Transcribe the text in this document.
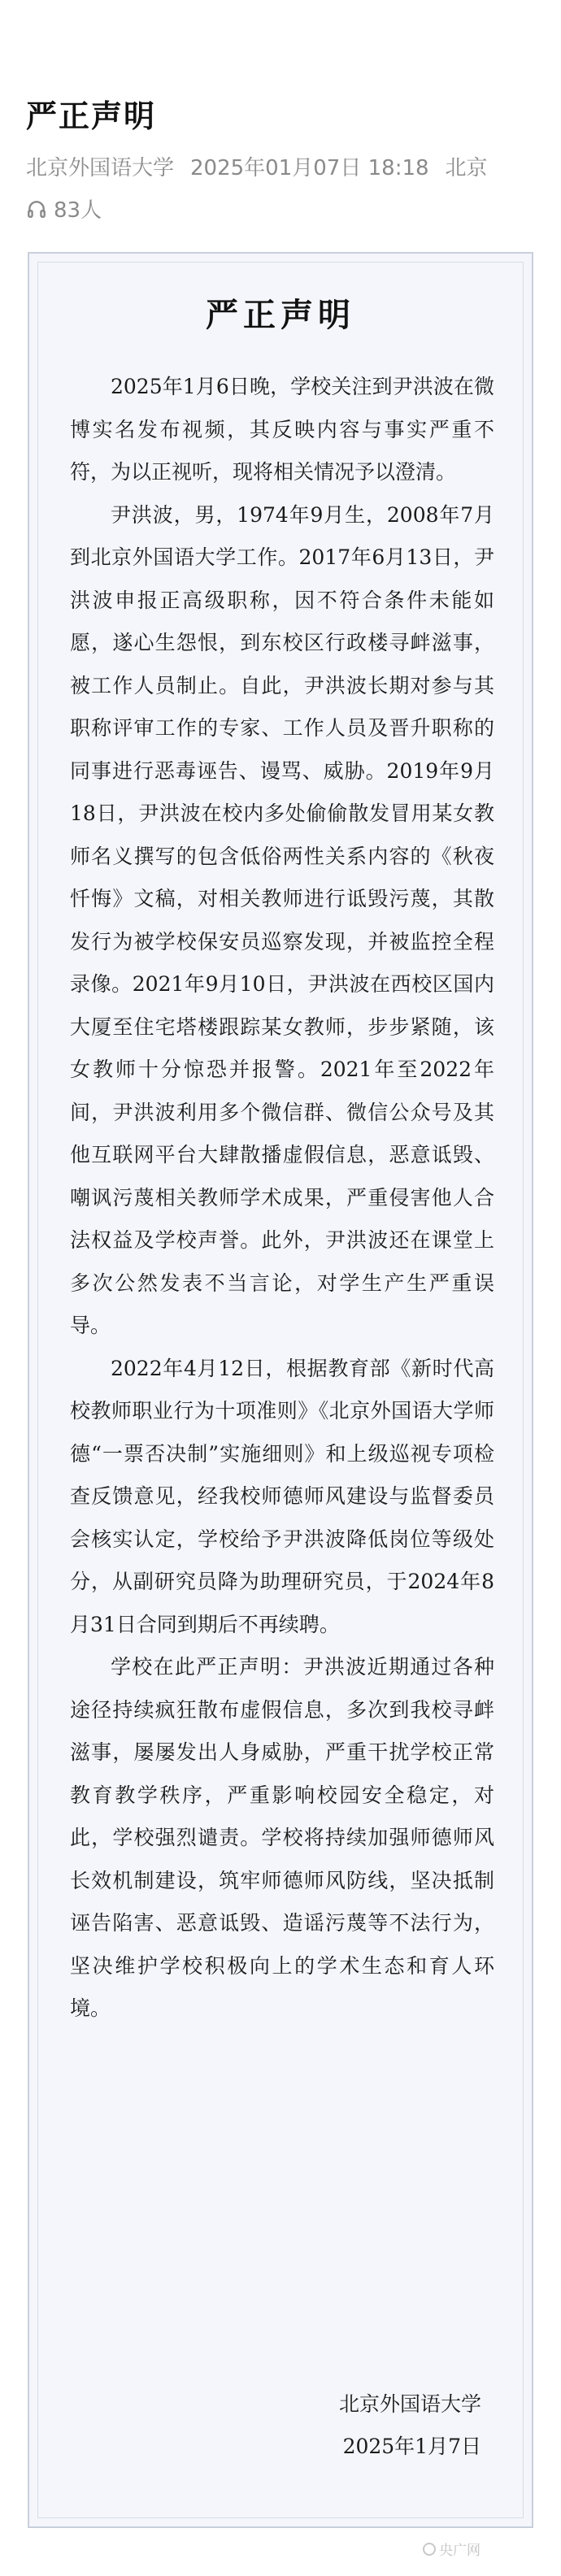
严正声明
北京外国语大学 2025年01月07日 18:18 北京
83人
严正声明

2025年1月6日晚，学校关注到尹洪波在微博实名发布视频，其反映内容与事实严重不符，为以正视听，现将相关情况予以澄清。

尹洪波，男，1974年9月生，2008年7月到北京外国语大学工作。2017年6月13日，尹洪波申报正高级职称，因不符合条件未能如愿，遂心生怨恨，到东校区行政楼寻衅滋事，被工作人员制止。自此，尹洪波长期对参与其职称评审工作的专家、工作人员及晋升职称的同事进行恶毒诬告、谩骂、威胁。2019年9月18日，尹洪波在校内多处偷偷散发冒用某女教师名义撰写的包含低俗两性关系内容的《秋夜忏悔》文稿，对相关教师进行诋毁污蔑，其散发行为被学校保安员巡察发现，并被监控全程录像。2021年9月10日，尹洪波在西校区国内大厦至住宅塔楼跟踪某女教师，步步紧随，该女教师十分惊恐并报警。2021年至2022年间，尹洪波利用多个微信群、微信公众号及其他互联网平台大肆散播虚假信息，恶意诋毁、嘲讽污蔑相关教师学术成果，严重侵害他人合法权益及学校声誉。此外，尹洪波还在课堂上多次公然发表不当言论，对学生产生严重误导。

2022年4月12日，根据教育部《新时代高校教师职业行为十项准则》《北京外国语大学师德“一票否决制”实施细则》和上级巡视专项检查反馈意见，经我校师德师风建设与监督委员会核实认定，学校给予尹洪波降低岗位等级处分，从副研究员降为助理研究员，于2024年8月31日合同到期后不再续聘。

学校在此严正声明：尹洪波近期通过各种途径持续疯狂散布虚假信息，多次到我校寻衅滋事，屡屡发出人身威胁，严重干扰学校正常教育教学秩序，严重影响校园安全稳定，对此，学校强烈谴责。学校将持续加强师德师风长效机制建设，筑牢师德师风防线，坚决抵制诬告陷害、恶意诋毁、造谣污蔑等不法行为，坚决维护学校积极向上的学术生态和育人环境。

北京外国语大学
2025年1月7日
央广网
